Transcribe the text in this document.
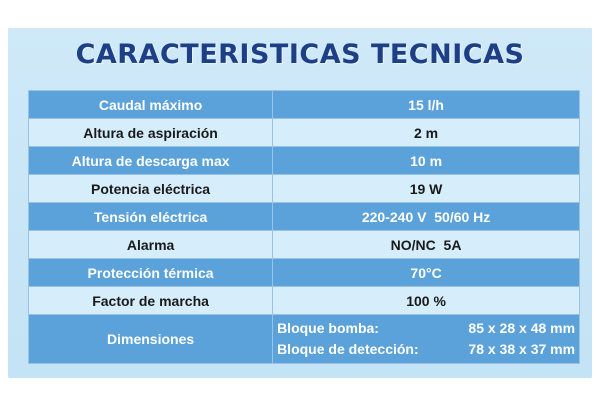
CARACTERISTICAS TECNICAS
Caudal máximo	15 l/h
Altura de aspiración	2 m
Altura de descarga max	10 m
Potencia eléctrica	19 W
Tensión eléctrica	220-240 V  50/60 Hz
Alarma	NO/NC  5A
Protección térmica	70°C
Factor de marcha	100 %
Dimensiones	Bloque bomba: 85 x 28 x 48 mm
Bloque de detección: 78 x 38 x 37 mm
